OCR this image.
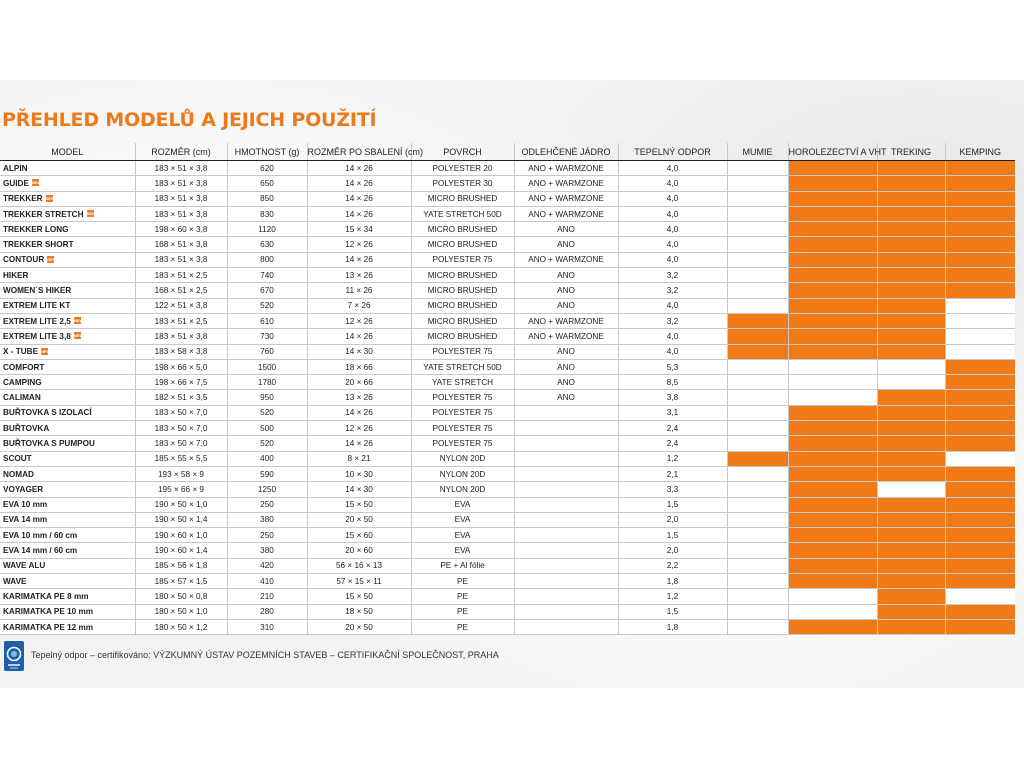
PŘEHLED MODELŮ A JEJICH POUŽITÍ
MODEL	ROZMĚR (cm)	HMOTNOST (g)	ROZMĚR PO SBALENÍ (cm)	POVRCH	ODLEHČENÉ JÁDRO	TEPELNÝ ODPOR	MUMIE	HOROLEZECTVÍ A VHT	TREKING	KEMPING
ALPIN	183 × 51 × 3,8	620	14 × 26	POLYESTER 20	ANO + WARMZONE	4,0				
GUIDE NEW	183 × 51 × 3,8	650	14 × 26	POLYESTER 30	ANO + WARMZONE	4,0				
TREKKER NEW	183 × 51 × 3,8	850	14 × 26	MICRO BRUSHED	ANO + WARMZONE	4,0				
TREKKER STRETCH NEW	183 × 51 × 3,8	830	14 × 26	YATE STRETCH 50D	ANO + WARMZONE	4,0				
TREKKER LONG	198 × 60 × 3,8	1120	15 × 34	MICRO BRUSHED	ANO	4,0				
TREKKER SHORT	168 × 51 × 3,8	630	12 × 26	MICRO BRUSHED	ANO	4,0				
CONTOUR NEW	183 × 51 × 3,8	800	14 × 26	POLYESTER 75	ANO + WARMZONE	4,0				
HIKER	183 × 51 × 2,5	740	13 × 26	MICRO BRUSHED	ANO	3,2				
WOMEN´S HIKER	168 × 51 × 2,5	670	11 × 26	MICRO BRUSHED	ANO	3,2				
EXTREM LITE KT	122 × 51 × 3,8	520	7 × 26	MICRO BRUSHED	ANO	4,0				
EXTREM LITE 2,5 NEW	183 × 51 × 2,5	610	12 × 26	MICRO BRUSHED	ANO + WARMZONE	3,2				
EXTREM LITE 3,8 NEW	183 × 51 × 3,8	730	14 × 26	MICRO BRUSHED	ANO + WARMZONE	4,0				
X - TUBE NEW	183 × 58 × 3,8	760	14 × 30	POLYESTER 75	ANO	4,0				
COMFORT	198 × 66 × 5,0	1500	18 × 66	YATE STRETCH 50D	ANO	5,3				
CAMPING	198 × 66 × 7,5	1780	20 × 66	YATE STRETCH	ANO	8,5				
CALIMAN	182 × 51 × 3,5	950	13 × 26	POLYESTER 75	ANO	3,8				
BUŘTOVKA S IZOLACÍ	183 × 50 × 7,0	520	14 × 26	POLYESTER 75		3,1				
BUŘTOVKA	183 × 50 × 7,0	500	12 × 26	POLYESTER 75		2,4				
BUŘTOVKA S PUMPOU	183 × 50 × 7,0	520	14 × 26	POLYESTER 75		2,4				
SCOUT	185 × 55 × 5,5	400	8 × 21	NYLON 20D		1,2				
NOMAD	193 × 58 × 9	590	10 × 30	NYLON 20D		2,1				
VOYAGER	195 × 66 × 9	1250	14 × 30	NYLON 20D		3,3				
EVA 10 mm	190 × 50 × 1,0	250	15 × 50	EVA		1,5				
EVA 14 mm	190 × 50 × 1,4	380	20 × 50	EVA		2,0				
EVA 10 mm / 60 cm	190 × 60 × 1,0	250	15 × 60	EVA		1,5				
EVA 14 mm / 60 cm	190 × 60 × 1,4	380	20 × 60	EVA		2,0				
WAVE ALU	185 × 56 × 1,8	420	56 × 16 × 13	PE + Al fólie		2,2				
WAVE	185 × 57 × 1,5	410	57 × 15 × 11	PE		1,8				
KARIMATKA PE 8 mm	180 × 50 × 0,8	210	15 × 50	PE		1,2				
KARIMATKA PE 10 mm	180 × 50 × 1,0	280	18 × 50	PE		1,5				
KARIMATKA PE 12 mm	180 × 50 × 1,2	310	20 × 50	PE		1,8				
Tepelný odpor – certifikováno: VÝZKUMNÝ ÚSTAV POZEMNÍCH STAVEB – CERTIFIKAČNÍ SPOLEČNOST, PRAHA
